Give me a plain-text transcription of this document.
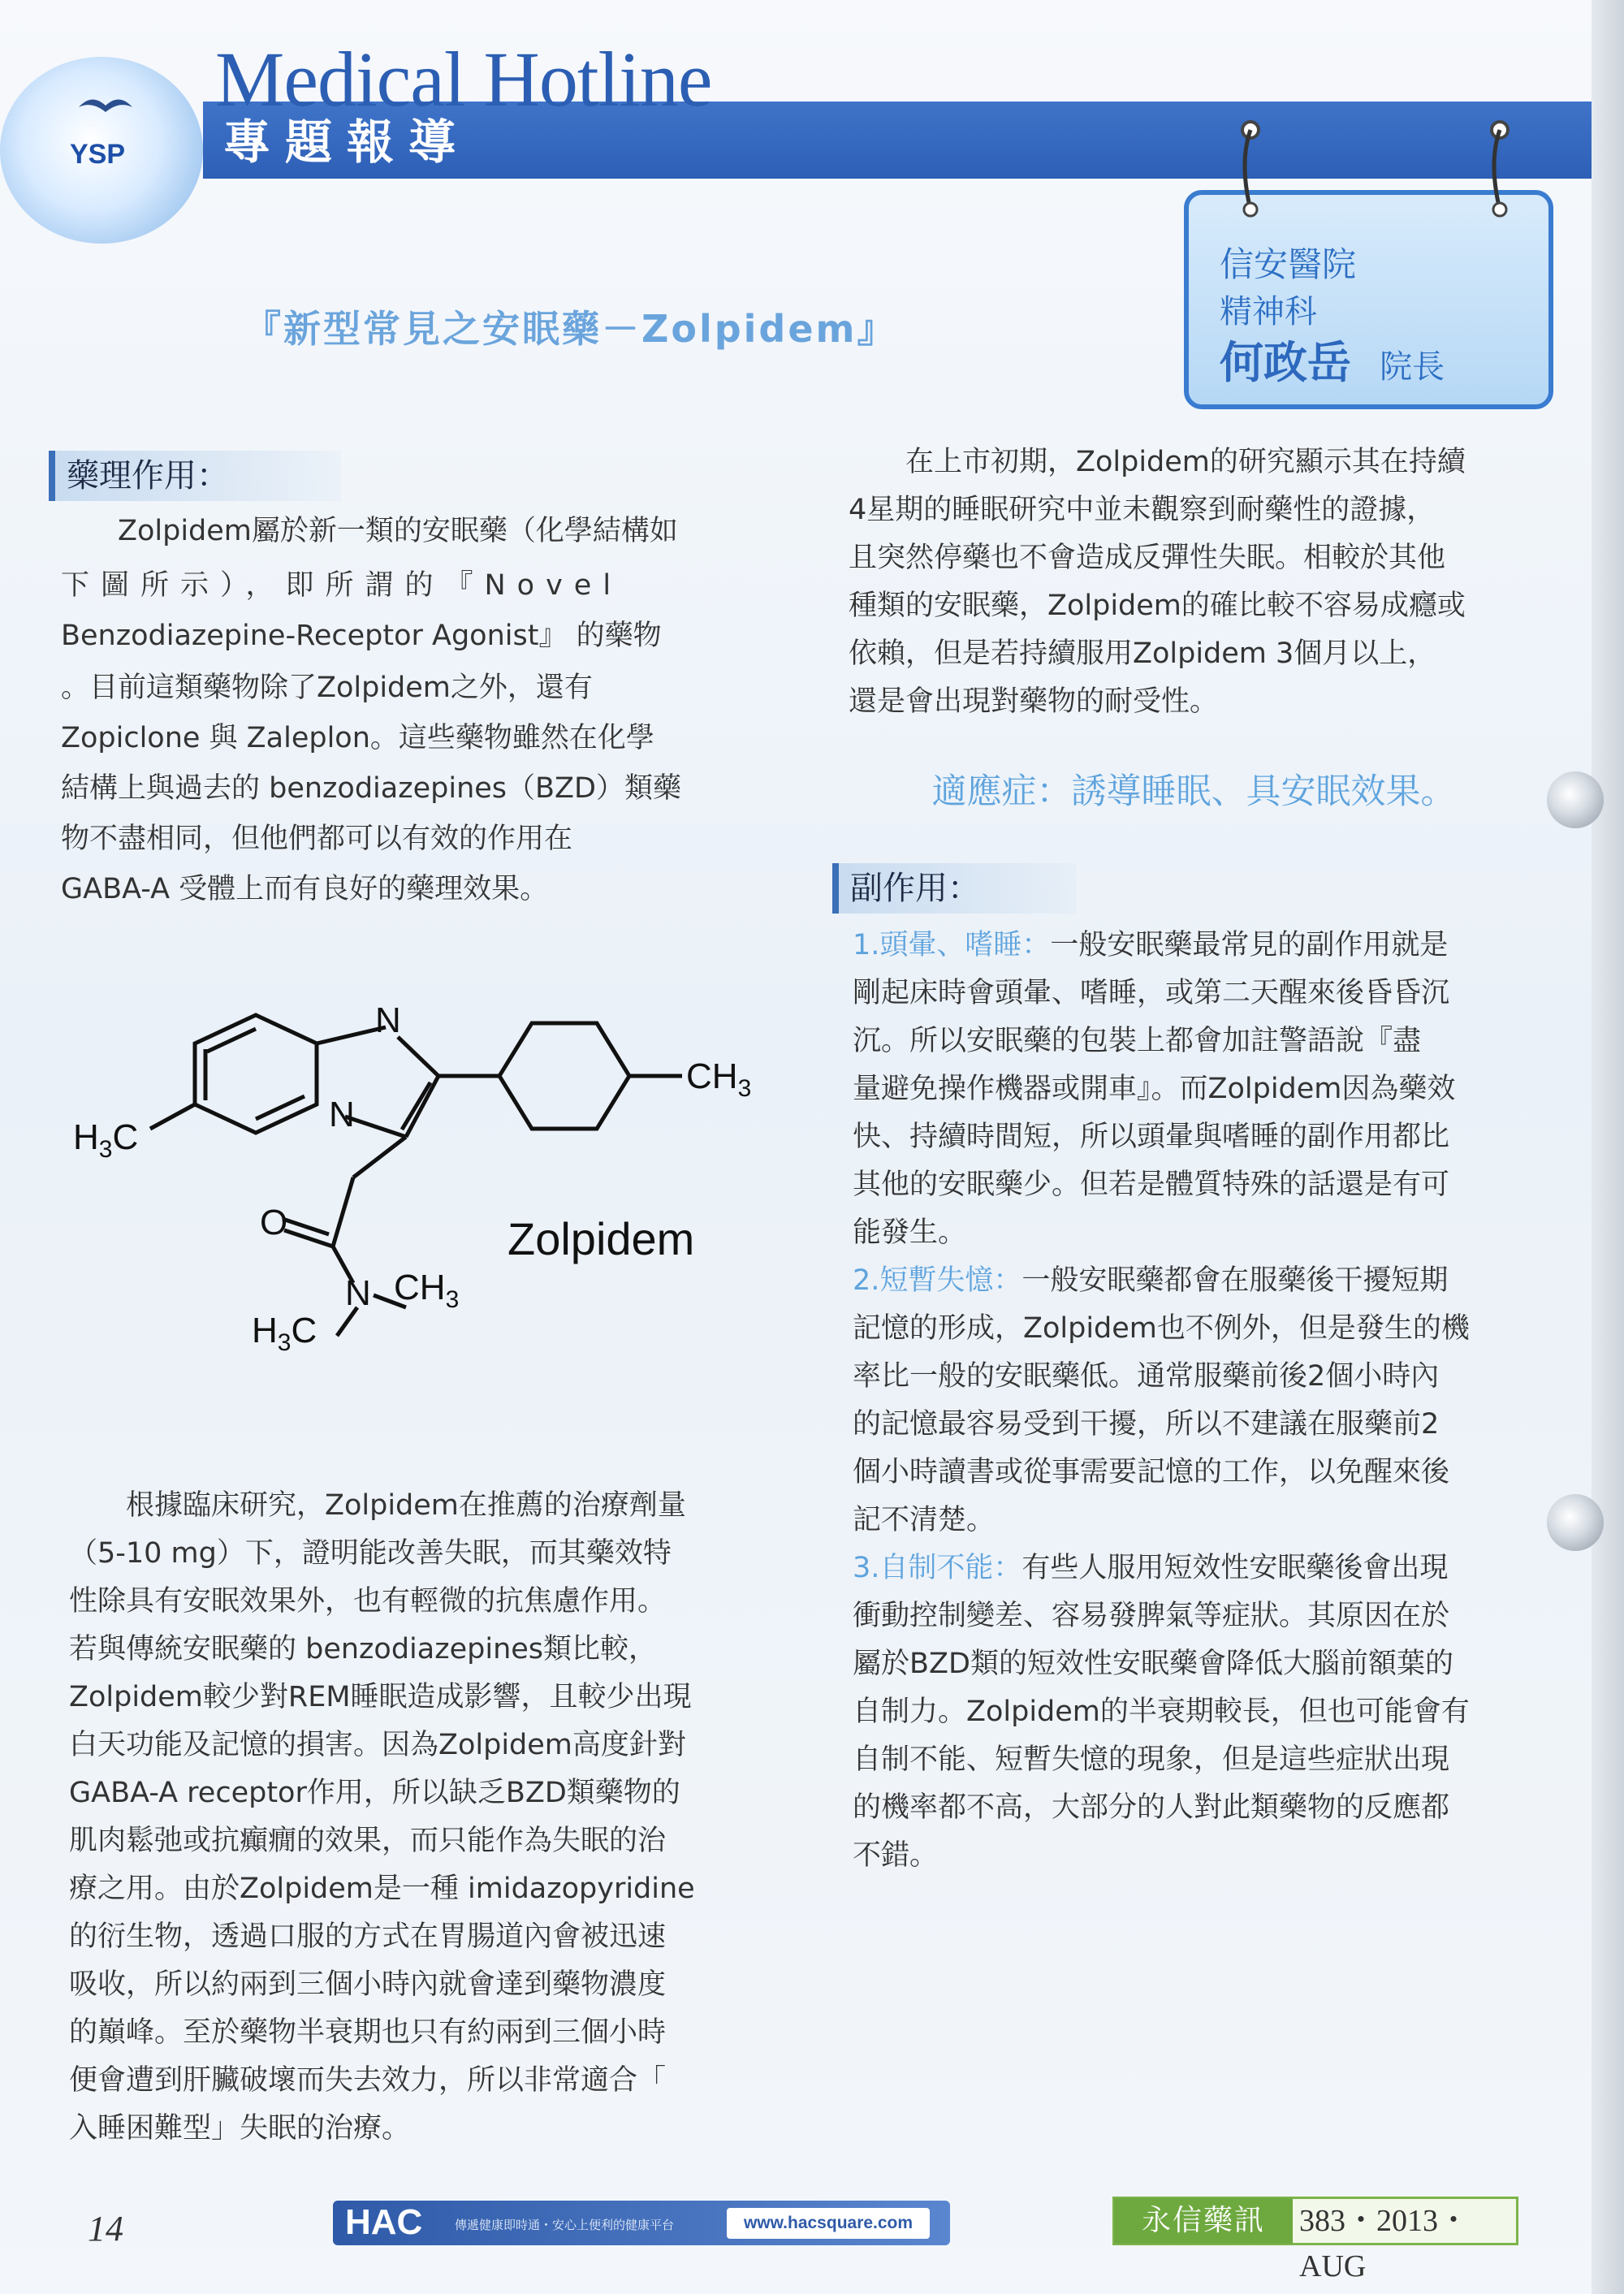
YSP
Medical Hotline
專題報導
信安醫院
精神科
何政岳 院長
『新型常見之安眠藥－Zolpidem』
藥理作用：
　　Zolpidem屬於新一類的安眠藥（化學結構如
下圖所示），即所謂的『Novel
Benzodiazepine-Receptor Agonist』 的藥物
。目前這類藥物除了Zolpidem之外，還有
Zopiclone 與 Zaleplon。這些藥物雖然在化學
結構上與過去的 benzodiazepines（BZD）類藥
物不盡相同，但他們都可以有效的作用在
GABA-A 受體上而有良好的藥理效果。
N
N
O
N
$CH_3$
$H_3C$
$CH_3$
$H_3C$
Zolpidem
　　根據臨床研究，Zolpidem在推薦的治療劑量
（5-10 mg）下，證明能改善失眠，而其藥效特
性除具有安眠效果外，也有輕微的抗焦慮作用。
若與傳統安眠藥的 benzodiazepines類比較，
Zolpidem較少對REM睡眠造成影響，且較少出現
白天功能及記憶的損害。因為Zolpidem高度針對
GABA-A receptor作用，所以缺乏BZD類藥物的
肌肉鬆弛或抗癲癇的效果，而只能作為失眠的治
療之用。由於Zolpidem是一種 imidazopyridine
的衍生物，透過口服的方式在胃腸道內會被迅速
吸收，所以約兩到三個小時內就會達到藥物濃度
的巔峰。至於藥物半衰期也只有約兩到三個小時
便會遭到肝臟破壞而失去效力，所以非常適合「
入睡困難型」失眠的治療。
　　在上市初期，Zolpidem的研究顯示其在持續
4星期的睡眠研究中並未觀察到耐藥性的證據，
且突然停藥也不會造成反彈性失眠。相較於其他
種類的安眠藥，Zolpidem的確比較不容易成癮或
依賴，但是若持續服用Zolpidem 3個月以上，
還是會出現對藥物的耐受性。
適應症：誘導睡眠、具安眠效果。
副作用：
1.頭暈、嗜睡：一般安眠藥最常見的副作用就是
剛起床時會頭暈、嗜睡，或第二天醒來後昏昏沉
沉。所以安眠藥的包裝上都會加註警語說『盡
量避免操作機器或開車』。而Zolpidem因為藥效
快、持續時間短，所以頭暈與嗜睡的副作用都比
其他的安眠藥少。但若是體質特殊的話還是有可
能發生。
2.短暫失憶：一般安眠藥都會在服藥後干擾短期
記憶的形成，Zolpidem也不例外，但是發生的機
率比一般的安眠藥低。通常服藥前後2個小時內
的記憶最容易受到干擾，所以不建議在服藥前2
個小時讀書或從事需要記憶的工作，以免醒來後
記不清楚。
3.自制不能：有些人服用短效性安眠藥後會出現
衝動控制變差、容易發脾氣等症狀。其原因在於
屬於BZD類的短效性安眠藥會降低大腦前額葉的
自制力。Zolpidem的半衰期較長，但也可能會有
自制不能、短暫失憶的現象，但是這些症狀出現
的機率都不高，大部分的人對此類藥物的反應都
不錯。
14	HAC	傳遞健康即時通・安心上便利的健康平台	www.hacsquare.com	永信藥訊	383・2013・AUG
